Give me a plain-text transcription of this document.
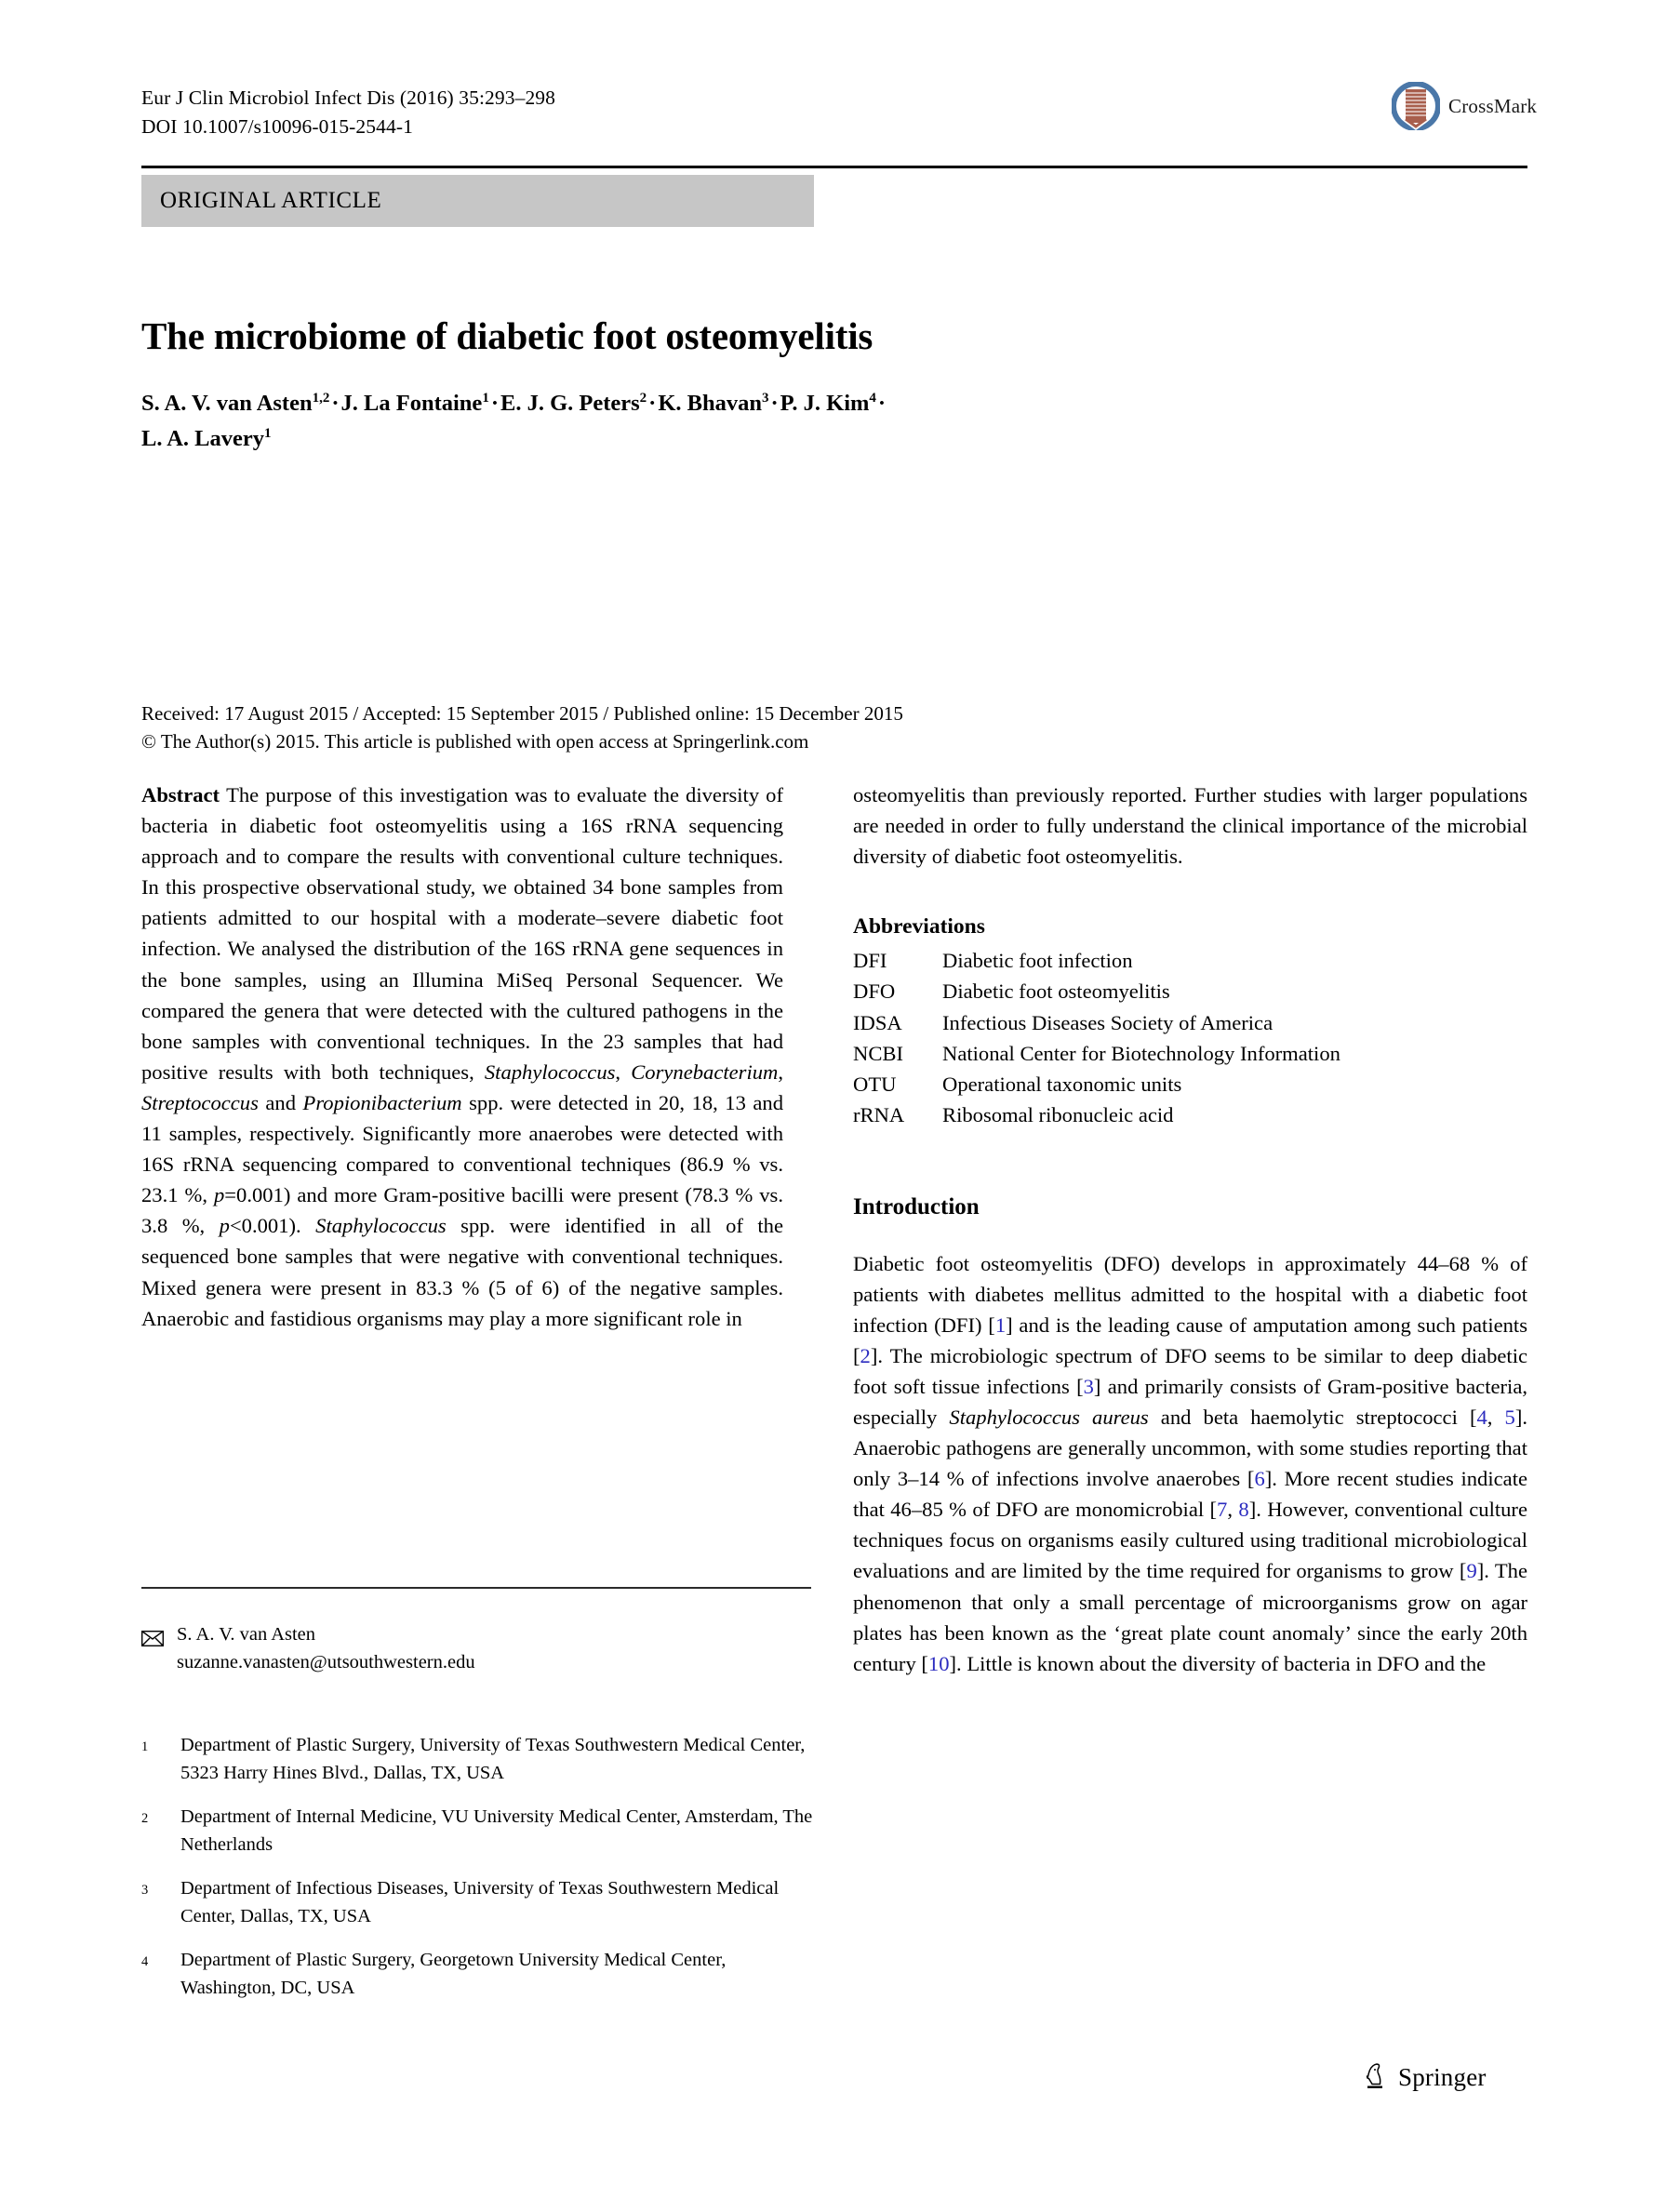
Eur J Clin Microbiol Infect Dis (2016) 35:293–298
DOI 10.1007/s10096-015-2544-1
CrossMark
ORIGINAL ARTICLE
The microbiome of diabetic foot osteomyelitis
S. A. V. van Asten$^{1,2}$·J. La Fontaine$^1$·E. J. G. Peters$^2$·K. Bhavan$^3$·P. J. Kim$^4$·
L. A. Lavery$^1$
Received: 17 August 2015 / Accepted: 15 September 2015 / Published online: 15 December 2015
© The Author(s) 2015. This article is published with open access at Springerlink.com

Abstract The purpose of this investigation was to evaluate the diversity of bacteria in diabetic foot osteomyelitis using a 16S rRNA sequencing approach and to compare the results with conventional culture techniques. In this prospective observational study, we obtained 34 bone samples from patients admitted to our hospital with a moderate–severe diabetic foot infection. We analysed the distribution of the 16S rRNA gene sequences in the bone samples, using an Illumina MiSeq Personal Sequencer. We compared the genera that were detected with the cultured pathogens in the bone samples with conventional techniques. In the 23 samples that had positive results with both techniques, Staphylococcus, Corynebacterium, Streptococcus and Propionibacterium spp. were detected in 20, 18, 13 and 11 samples, respectively. Significantly more anaerobes were detected with 16S rRNA sequencing compared to conventional techniques (86.9 % vs. 23.1 %, p=0.001) and more Gram-positive bacilli were present (78.3 % vs. 3.8 %, p<0.001). Staphylococcus spp. were identified in all of the sequenced bone samples that were negative with conventional techniques. Mixed genera were present in 83.3 % (5 of 6) of the negative samples. Anaerobic and fastidious organisms may play a more significant role in

osteomyelitis than previously reported. Further studies with larger populations are needed in order to fully understand the clinical importance of the microbial diversity of diabetic foot osteomyelitis.

Abbreviations
DFI	Diabetic foot infection
DFO	Diabetic foot osteomyelitis
IDSA	Infectious Diseases Society of America
NCBI	National Center for Biotechnology Information
OTU	Operational taxonomic units
rRNA	Ribosomal ribonucleic acid
Introduction

Diabetic foot osteomyelitis (DFO) develops in approximately 44–68 % of patients with diabetes mellitus admitted to the hospital with a diabetic foot infection (DFI) [1] and is the leading cause of amputation among such patients [2]. The microbiologic spectrum of DFO seems to be similar to deep diabetic foot soft tissue infections [3] and primarily consists of Gram-positive bacteria, especially Staphylococcus aureus and beta haemolytic streptococci [4, 5]. Anaerobic pathogens are generally uncommon, with some studies reporting that only 3–14 % of infections involve anaerobes [6]. More recent studies indicate that 46–85 % of DFO are monomicrobial [7, 8]. However, conventional culture techniques focus on organisms easily cultured using traditional microbiological evaluations and are limited by the time required for organisms to grow [9]. The phenomenon that only a small percentage of microorganisms grow on agar plates has been known as the ‘great plate count anomaly’ since the early 20th century [10]. Little is known about the diversity of bacteria in DFO and the

S. A. V. van Asten
suzanne.vanasten@utsouthwestern.edu
1	Department of Plastic Surgery, University of Texas Southwestern Medical Center, 5323 Harry Hines Blvd., Dallas, TX, USA
2	Department of Internal Medicine, VU University Medical Center, Amsterdam, The Netherlands
3	Department of Infectious Diseases, University of Texas Southwestern Medical Center, Dallas, TX, USA
4	Department of Plastic Surgery, Georgetown University Medical Center, Washington, DC, USA
Springer
